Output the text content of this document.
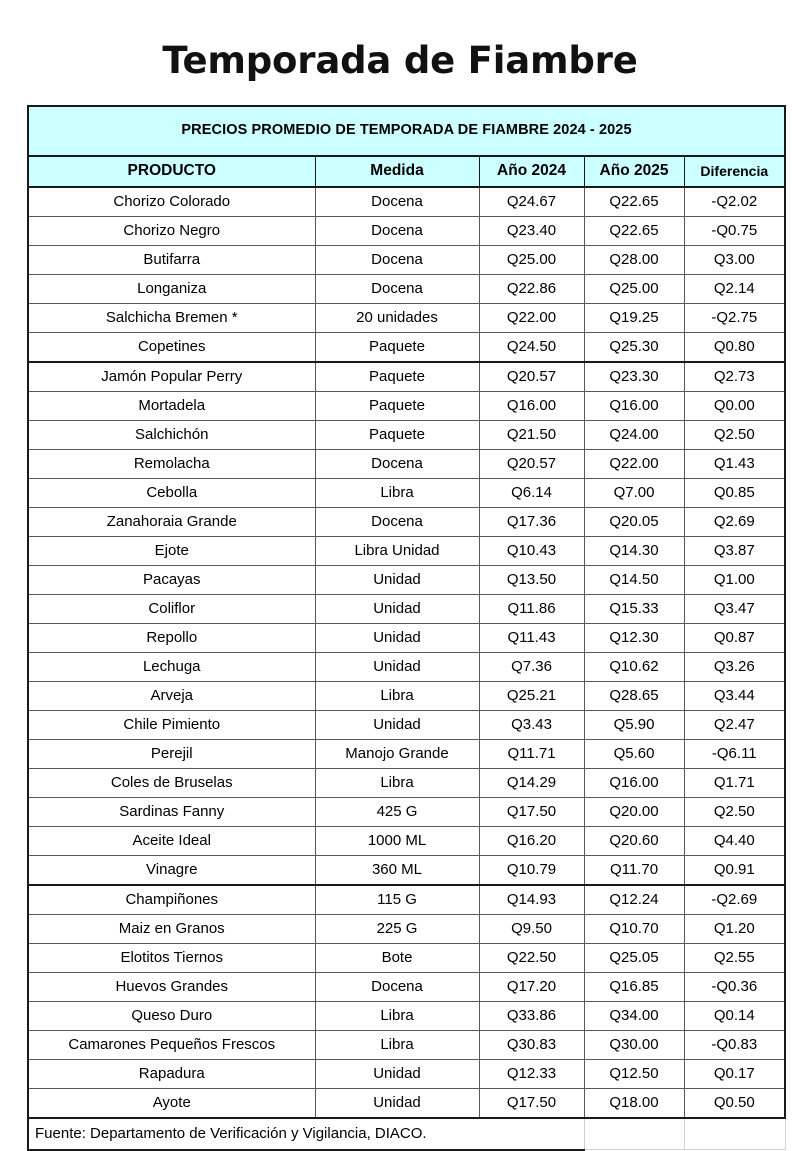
Temporada de Fiambre
PRECIOS PROMEDIO DE TEMPORADA DE FIAMBRE 2024 - 2025				
PRODUCTO	Medida	Año 2024	Año 2025	Diferencia
Chorizo Colorado	Docena	Q24.67	Q22.65	-Q2.02
Chorizo Negro	Docena	Q23.40	Q22.65	-Q0.75
Butifarra	Docena	Q25.00	Q28.00	Q3.00
Longaniza	Docena	Q22.86	Q25.00	Q2.14
Salchicha Bremen *	20 unidades	Q22.00	Q19.25	-Q2.75
Copetines	Paquete	Q24.50	Q25.30	Q0.80
Jamón Popular Perry	Paquete	Q20.57	Q23.30	Q2.73
Mortadela	Paquete	Q16.00	Q16.00	Q0.00
Salchichón	Paquete	Q21.50	Q24.00	Q2.50
Remolacha	Docena	Q20.57	Q22.00	Q1.43
Cebolla	Libra	Q6.14	Q7.00	Q0.85
Zanahoraia Grande	Docena	Q17.36	Q20.05	Q2.69
Ejote	Libra Unidad	Q10.43	Q14.30	Q3.87
Pacayas	Unidad	Q13.50	Q14.50	Q1.00
Coliflor	Unidad	Q11.86	Q15.33	Q3.47
Repollo	Unidad	Q11.43	Q12.30	Q0.87
Lechuga	Unidad	Q7.36	Q10.62	Q3.26
Arveja	Libra	Q25.21	Q28.65	Q3.44
Chile Pimiento	Unidad	Q3.43	Q5.90	Q2.47
Perejil	Manojo Grande	Q11.71	Q5.60	-Q6.11
Coles de Bruselas	Libra	Q14.29	Q16.00	Q1.71
Sardinas Fanny	425 G	Q17.50	Q20.00	Q2.50
Aceite Ideal	1000 ML	Q16.20	Q20.60	Q4.40
Vinagre	360 ML	Q10.79	Q11.70	Q0.91
Champiñones	115 G	Q14.93	Q12.24	-Q2.69
Maiz en Granos	225 G	Q9.50	Q10.70	Q1.20
Elotitos Tiernos	Bote	Q22.50	Q25.05	Q2.55
Huevos Grandes	Docena	Q17.20	Q16.85	-Q0.36
Queso Duro	Libra	Q33.86	Q34.00	Q0.14
Camarones Pequeños Frescos	Libra	Q30.83	Q30.00	-Q0.83
Rapadura	Unidad	Q12.33	Q12.50	Q0.17
Ayote	Unidad	Q17.50	Q18.00	Q0.50
Fuente: Departamento de Verificación y Vigilancia, DIACO.				
